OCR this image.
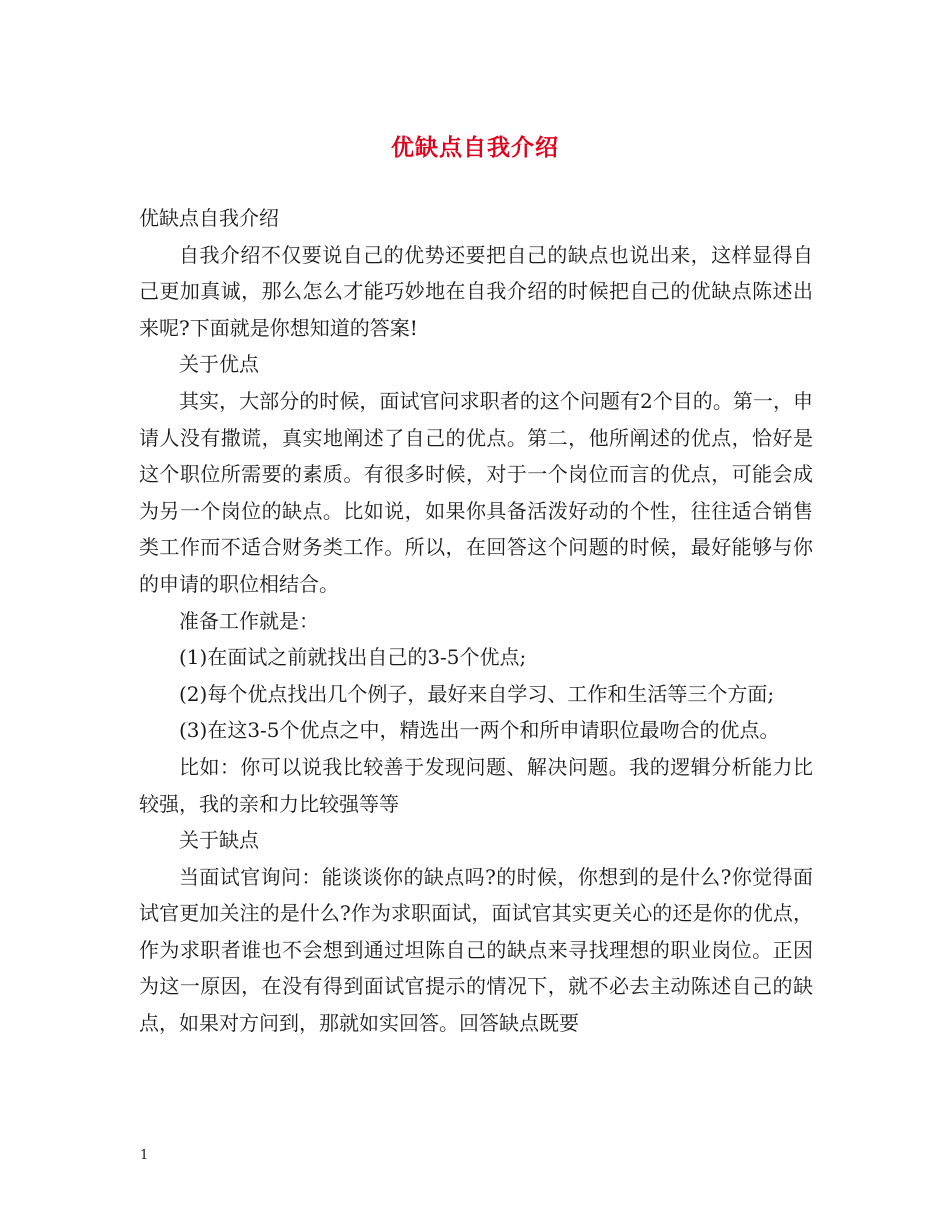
优缺点自我介绍

优缺点自我介绍

自我介绍不仅要说自己的优势还要把自己的缺点也说出来，这样显得自己更加真诚，那么怎么才能巧妙地在自我介绍的时候把自己的优缺点陈述出来呢?下面就是你想知道的答案!

关于优点

其实，大部分的时候，面试官问求职者的这个问题有2个目的。第一，申请人没有撒谎，真实地阐述了自己的优点。第二，他所阐述的优点，恰好是这个职位所需要的素质。有很多时候，对于一个岗位而言的优点，可能会成为另一个岗位的缺点。比如说，如果你具备活泼好动的个性，往往适合销售类工作而不适合财务类工作。所以，在回答这个问题的时候，最好能够与你的申请的职位相结合。

准备工作就是：

(1)在面试之前就找出自己的3-5个优点;

(2)每个优点找出几个例子，最好来自学习、工作和生活等三个方面;

(3)在这3-5个优点之中，精选出一两个和所申请职位最吻合的优点。

比如：你可以说我比较善于发现问题、解决问题。我的逻辑分析能力比较强，我的亲和力比较强等等

关于缺点

当面试官询问：能谈谈你的缺点吗?的时候，你想到的是什么?你觉得面试官更加关注的是什么?作为求职面试，面试官其实更关心的还是你的优点，作为求职者谁也不会想到通过坦陈自己的缺点来寻找理想的职业岗位。正因为这一原因，在没有得到面试官提示的情况下，就不必去主动陈述自己的缺点，如果对方问到，那就如实回答。回答缺点既要

1
